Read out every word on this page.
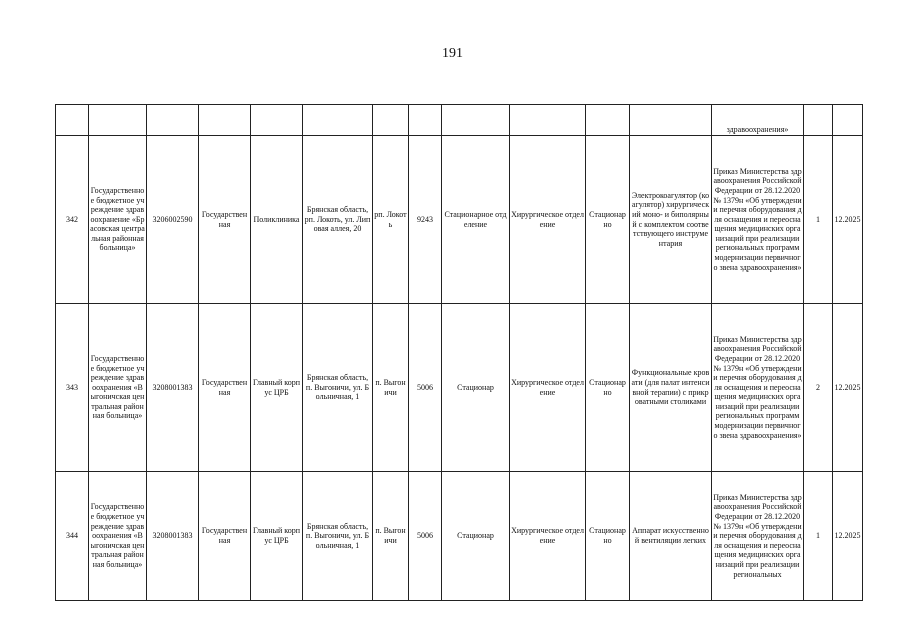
191
												здравоохранения»		
342	Государственное бюджетное учреждение здравоохранение «Брасовская центральная районная больница»	3206002590	Государственная	Поликлиника	Брянская область, рп. Локоть, ул. Липовая аллея, 20	рп. Локоть	9243	Стационарное отделение	Хирургическое отделение	Стационарно	Электрокоагулятор (коагулятор) хирургический моно- и биполярный с комплектом соответствующего инструментария	Приказ Министерства здравоохранения Российской Федерации от 28.12.2020 № 1379н «Об утверждении перечня оборудования для оснащения и переоснащения медицинских организаций при реализации региональных программ модернизации первичного звена здравоохранения»	1	12.2025
343	Государственное бюджетное учреждение здравоохранения «Выгоничская центральная районная больница»	3208001383	Государственная	Главный корпус ЦРБ	Брянская область, п. Выгоничи, ул. Больничная, 1	п. Выгоничи	5006	Стационар	Хирургическое отделение	Стационарно	Функциональные кровати (для палат интенсивной терапии) с прикроватными столиками	Приказ Министерства здравоохранения Российской Федерации от 28.12.2020 № 1379н «Об утверждении перечня оборудования для оснащения и переоснащения медицинских организаций при реализации региональных программ модернизации первичного звена здравоохранения»	2	12.2025
344	Государственное бюджетное учреждение здравоохранения «Выгоничская центральная районная больница»	3208001383	Государственная	Главный корпус ЦРБ	Брянская область, п. Выгоничи, ул. Больничная, 1	п. Выгоничи	5006	Стационар	Хирургическое отделение	Стационарно	Аппарат искусственной вентиляции легких	Приказ Министерства здравоохранения Российской Федерации от 28.12.2020 № 1379н «Об утверждении перечня оборудования для оснащения и переоснащения медицинских организаций при реализации региональных	1	12.2025
